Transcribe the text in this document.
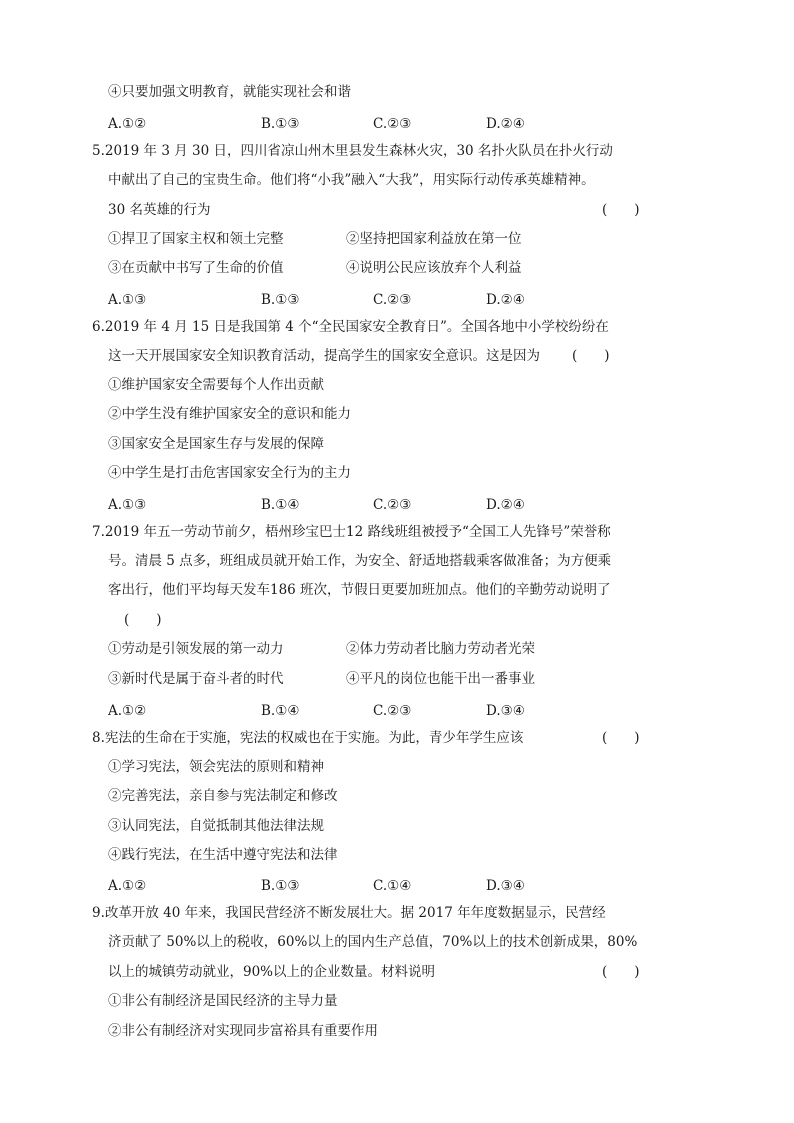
④只要加强文明教育，就能实现社会和谐
A.①②	B.①③	C.②③	D.②④
5.2019 年 3 月 30 日，四川省凉山州木里县发生森林火灾，30 名扑火队员在扑火行动
中献出了自己的宝贵生命。他们将“小我”融入“大我”，用实际行动传承英雄精神。
30 名英雄的行为	(　　)
①捍卫了国家主权和领土完整	②坚持把国家利益放在第一位
③在贡献中书写了生命的价值	④说明公民应该放弃个人利益
A.①③	B.①③	C.②③	D.②④
6.2019 年 4 月 15 日是我国第 4 个“全民国家安全教育日”。全国各地中小学校纷纷在
这一天开展国家安全知识教育活动，提高学生的国家安全意识。这是因为 (　　)
①维护国家安全需要每个人作出贡献
②中学生没有维护国家安全的意识和能力
③国家安全是国家生存与发展的保障
④中学生是打击危害国家安全行为的主力
A.①③	B.①④	C.②③	D.②④
7.2019 年五一劳动节前夕，梧州珍宝巴士12 路线班组被授予“全国工人先锋号”荣誉称
号。清晨 5 点多，班组成员就开始工作，为安全、舒适地搭载乘客做准备；为方便乘
客出行，他们平均每天发车186 班次，节假日更要加班加点。他们的辛勤劳动说明了
(　　)
①劳动是引领发展的第一动力	②体力劳动者比脑力劳动者光荣
③新时代是属于奋斗者的时代	④平凡的岗位也能干出一番事业
A.①②	B.①④	C.②③	D.③④
8.宪法的生命在于实施，宪法的权威也在于实施。为此，青少年学生应该	(　　)
①学习宪法，领会宪法的原则和精神
②完善宪法，亲自参与宪法制定和修改
③认同宪法，自觉抵制其他法律法规
④践行宪法，在生活中遵守宪法和法律
A.①②	B.①③	C.①④	D.③④
9.改革开放 40 年来，我国民营经济不断发展壮大。据 2017 年年度数据显示，民营经
济贡献了 50%以上的税收，60%以上的国内生产总值，70%以上的技术创新成果，80%
以上的城镇劳动就业，90%以上的企业数量。材料说明	(　　)
①非公有制经济是国民经济的主导力量
②非公有制经济对实现同步富裕具有重要作用
